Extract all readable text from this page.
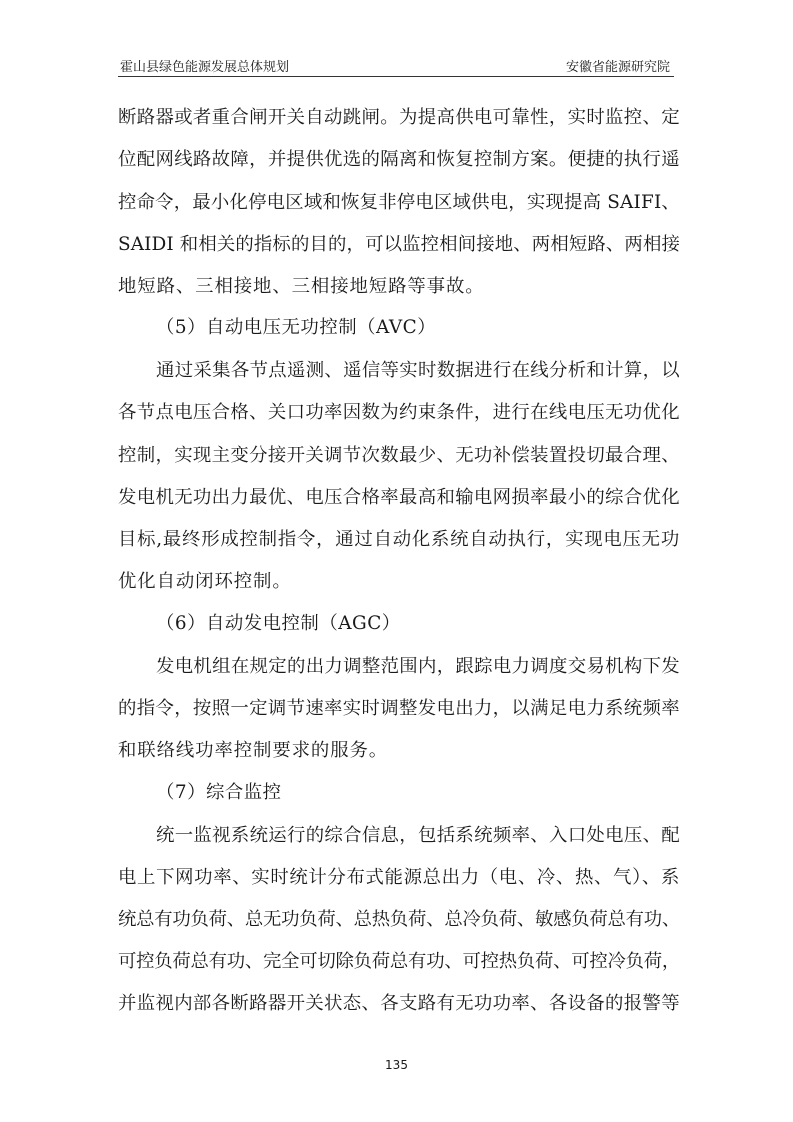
霍山县绿色能源发展总体规划	安徽省能源研究院
断路器或者重合闸开关自动跳闸。为提高供电可靠性，实时监控、定
位配网线路故障，并提供优选的隔离和恢复控制方案。便捷的执行遥
控命令，最小化停电区域和恢复非停电区域供电，实现提高 SAIFI、
SAIDI 和相关的指标的目的，可以监控相间接地、两相短路、两相接
地短路、三相接地、三相接地短路等事故。
（5）自动电压无功控制（AVC）
通过采集各节点遥测、遥信等实时数据进行在线分析和计算，以
各节点电压合格、关口功率因数为约束条件，进行在线电压无功优化
控制，实现主变分接开关调节次数最少、无功补偿装置投切最合理、
发电机无功出力最优、电压合格率最高和输电网损率最小的综合优化
目标,最终形成控制指令，通过自动化系统自动执行，实现电压无功
优化自动闭环控制。
（6）自动发电控制（AGC）
发电机组在规定的出力调整范围内，跟踪电力调度交易机构下发
的指令，按照一定调节速率实时调整发电出力，以满足电力系统频率
和联络线功率控制要求的服务。
（7）综合监控
统一监视系统运行的综合信息，包括系统频率、入口处电压、配
电上下网功率、实时统计分布式能源总出力（电、冷、热、气）、系
统总有功负荷、总无功负荷、总热负荷、总冷负荷、敏感负荷总有功、
可控负荷总有功、完全可切除负荷总有功、可控热负荷、可控冷负荷，
并监视内部各断路器开关状态、各支路有无功功率、各设备的报警等
135
